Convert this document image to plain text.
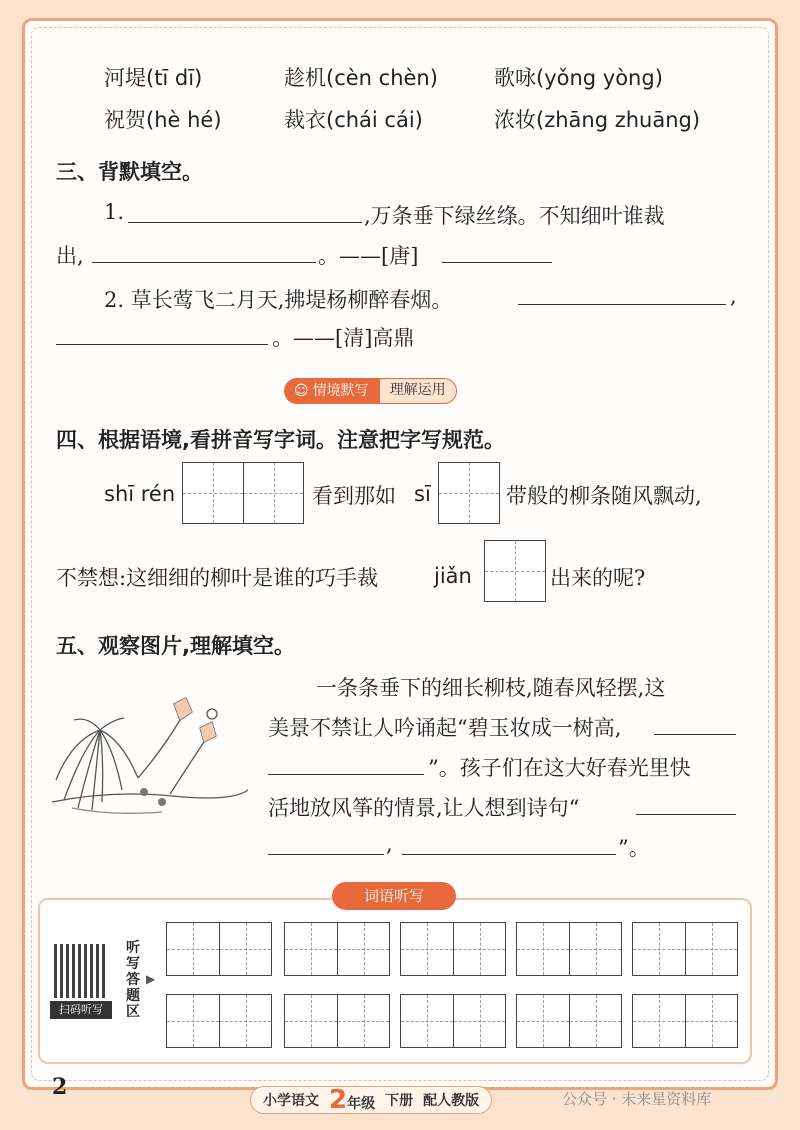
河堤(tī dī)	趁机(cèn chèn)	歌咏(yǒng yòng)
祝贺(hè hé)	裁衣(chái cái)	浓妆(zhāng zhuāng)
三、背默填空。
1.	,万条垂下绿丝绦。不知细叶谁裁
出,	。——[唐]
2. 草长莺飞二月天,拂堤杨柳醉春烟。	,
。——[清]高鼎
☺ 情境默写	理解运用
四、根据语境,看拼音写字词。注意把字写规范。
shī rén	看到那如 sī	带般的柳条随风飘动,
不禁想:这细细的柳叶是谁的巧手裁	jiǎn	出来的呢?
五、观察图片,理解填空。
一条条垂下的细长柳枝,随春风轻摆,这
美景不禁让人吟诵起“碧玉妆成一树高,
”。孩子们在这大好春光里快
活地放风筝的情景,让人想到诗句“
,	”。
词语听写
扫码听写
听写答题区
▶
2
小学语文 2年级 下册 配人教版	公众号 · 未来星资料库
